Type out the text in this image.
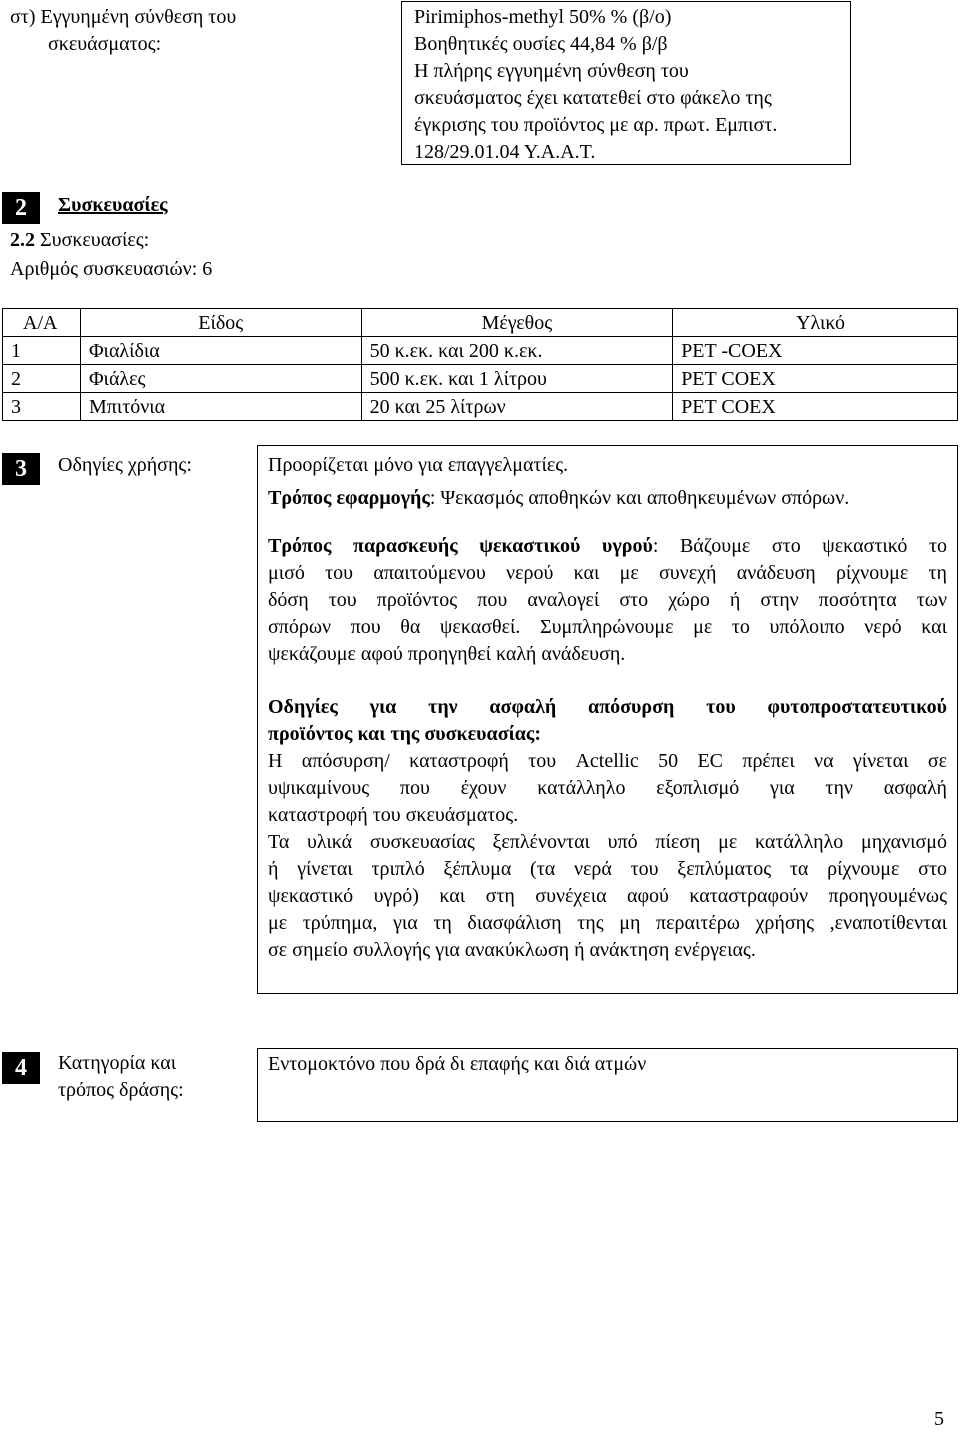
στ) Εγγυημένη σύνθεση του
σκευάσματος:
Pirimiphos-methyl 50% % (β/ο)
Βοηθητικές ουσίες 44,84 % β/β
Η πλήρης εγγυημένη σύνθεση του
σκευάσματος έχει κατατεθεί στο φάκελο της
έγκρισης του προϊόντος με αρ. πρωτ. Εμπιστ.
128/29.01.04 Υ.Α.Α.Τ.
2	Συσκευασίες
2.2 Συσκευασίες:
Αριθμός συσκευασιών: 6
Α/Α	Είδος	Μέγεθος	Υλικό
1	Φιαλίδια	50 κ.εκ. και 200 κ.εκ.	PET -COEX
2	Φιάλες	500 κ.εκ. και 1 λίτρου	PET COEX
3	Μπιτόνια	20 και 25 λίτρων	PET COEX
3	Οδηγίες χρήσης:	Προορίζεται μόνο για επαγγελματίες.
Τρόπος εφαρμογής: Ψεκασμός αποθηκών και αποθηκευμένων σπόρων.
Τρόπος παρασκευής ψεκαστικού υγρού: Βάζουμε στο ψεκαστικό το
μισό του απαιτούμενου νερού και με συνεχή ανάδευση ρίχνουμε τη
δόση του προϊόντος που αναλογεί στο χώρο ή στην ποσότητα των
σπόρων που θα ψεκασθεί. Συμπληρώνουμε με το υπόλοιπο νερό και
ψεκάζουμε αφού προηγηθεί καλή ανάδευση.
Οδηγίες για την ασφαλή απόσυρση του φυτοπροστατευτικού
προϊόντος και της συσκευασίας:
Η απόσυρση/ καταστροφή του Actellic 50 EC πρέπει να γίνεται σε
υψικαμίνους που έχουν κατάλληλο εξοπλισμό για την ασφαλή
καταστροφή του σκευάσματος.
Τα υλικά συσκευασίας ξεπλένονται υπό πίεση με κατάλληλο μηχανισμό
ή γίνεται τριπλό ξέπλυμα (τα νερά του ξεπλύματος τα ρίχνουμε στο
ψεκαστικό υγρό) και στη συνέχεια αφού καταστραφούν προηγουμένως
με τρύπημα, για τη διασφάλιση της μη περαιτέρω χρήσης ,εναποτίθενται
σε σημείο συλλογής για ανακύκλωση ή ανάκτηση ενέργειας.
4	Κατηγορία και
τρόπος δράσης:
Εντομοκτόνο που δρά δι επαφής και διά ατμών
5
